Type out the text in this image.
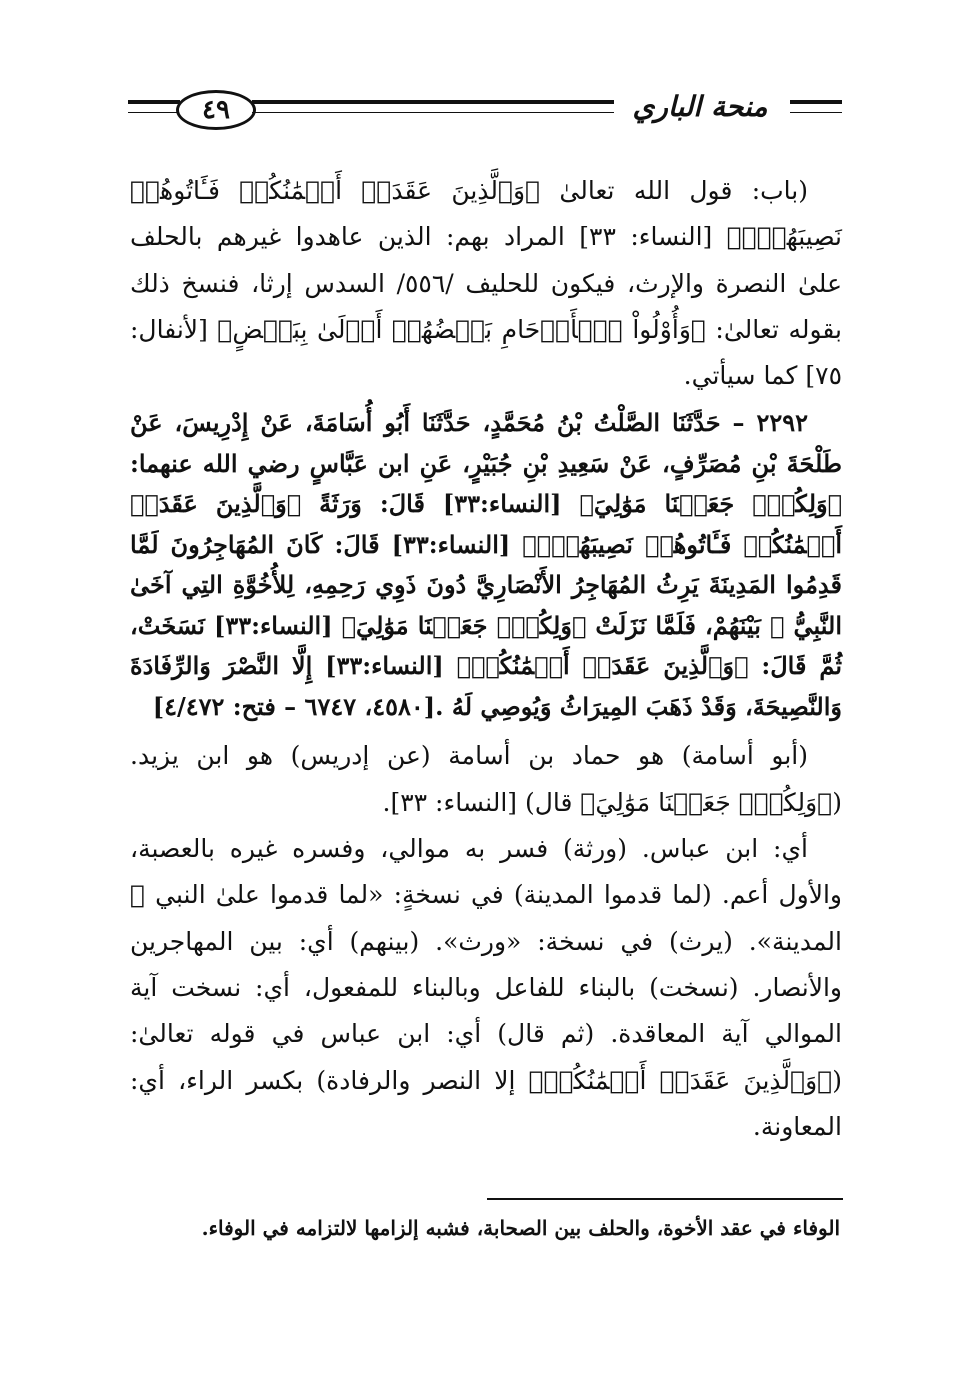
٤٩	منحة الباري

(باب: قول الله تعالىٰ ﴿وَٱلَّذِينَ عَقَدَتۡ أَيۡمَٰنُكُمۡ فَـَٔاتُوهُمۡ نَصِيبَهُمۡۚ﴾ [النساء: ٣٣] المراد بهم: الذين عاهدوا غيرهم بالحلف علىٰ النصرة والإرث، فيكون للحليف /٥٥٦/ السدس إرثا، فنسخ ذلك بقوله تعالىٰ: ﴿وَأُوْلُواْ ٱلۡأَرۡحَامِ بَعۡضُهُمۡ أَوۡلَىٰ بِبَعۡضٍ﴾ [لأنفال: ٧٥] كما سيأتي.

٢٢٩٢ – حَدَّثَنَا الصَّلْتُ بْنُ مُحَمَّدٍ، حَدَّثَنَا أَبُو أُسَامَةَ، عَنْ إِدْرِيسَ، عَنْ طَلْحَةَ بْنِ مُصَرِّفٍ، عَنْ سَعِيدِ بْنِ جُبَيْرٍ، عَنِ ابن عَبَّاسٍ رضي الله عنهما: ﴿وَلِكُلّٖ جَعَلۡنَا مَوَٰلِيَ﴾ [النساء:٣٣] قَالَ: وَرَثَةً ﴿وَٱلَّذِينَ عَقَدَتۡ أَيۡمَٰنُكُمۡ فَـَٔاتُوهُمۡ نَصِيبَهُمۡۚ﴾ [النساء:٣٣] قَالَ: كَانَ المُهَاجِرُونَ لَمَّا قَدِمُوا المَدِينَةَ يَرِثُ المُهَاجِرُ الأَنْصَارِيَّ دُونَ ذَوِي رَحِمِهِ، لِلأُخُوَّةِ التِي آخَىٰ النَّبِيُّ ﷺ بَيْنَهُمْ، فَلَمَّا نَزَلَتْ ﴿وَلِكُلّٖ جَعَلۡنَا مَوَٰلِيَ﴾ [النساء:٣٣] نَسَخَتْ، ثُمَّ قَالَ: ﴿وَٱلَّذِينَ عَقَدَتۡ أَيۡمَٰنُكُمۡ﴾ [النساء:٣٣] إِلَّا النَّصْرَ وَالرِّفَادَةَ وَالنَّصِيحَةَ، وَقَدْ ذَهَبَ المِيرَاثُ وَيُوصِي لَهُ .[٤٥٨٠، ٦٧٤٧ – فتح: ٤/٤٧٢]

(أبو أسامة) هو حماد بن أسامة (عن إدريس) هو ابن يزيد. (﴿وَلِكُلّٖ جَعَلۡنَا مَوَٰلِيَ﴾ قال) [النساء: ٣٣].

أي: ابن عباس. (ورثة) فسر به موالي، وفسره غيره بالعصبة، والأول أعم. (لما قدموا المدينة) في نسخةٍ: «لما قدموا علىٰ النبي ﷺ المدينة». (يرث) في نسخة: «ورث». (بينهم) أي: بين المهاجرين والأنصار. (نسخت) بالبناء للفاعل وبالبناء للمفعول، أي: نسخت آية الموالي آية المعاقدة. (ثم قال) أي: ابن عباس في قوله تعالىٰ: (﴿وَٱلَّذِينَ عَقَدَتۡ أَيۡمَٰنُكُمۡ﴾ إلا النصر والرفادة) بكسر الراء، أي: المعاونة.

الوفاء في عقد الأخوة، والحلف بين الصحابة، فشبه إلزامها لالتزامه في الوفاء.
